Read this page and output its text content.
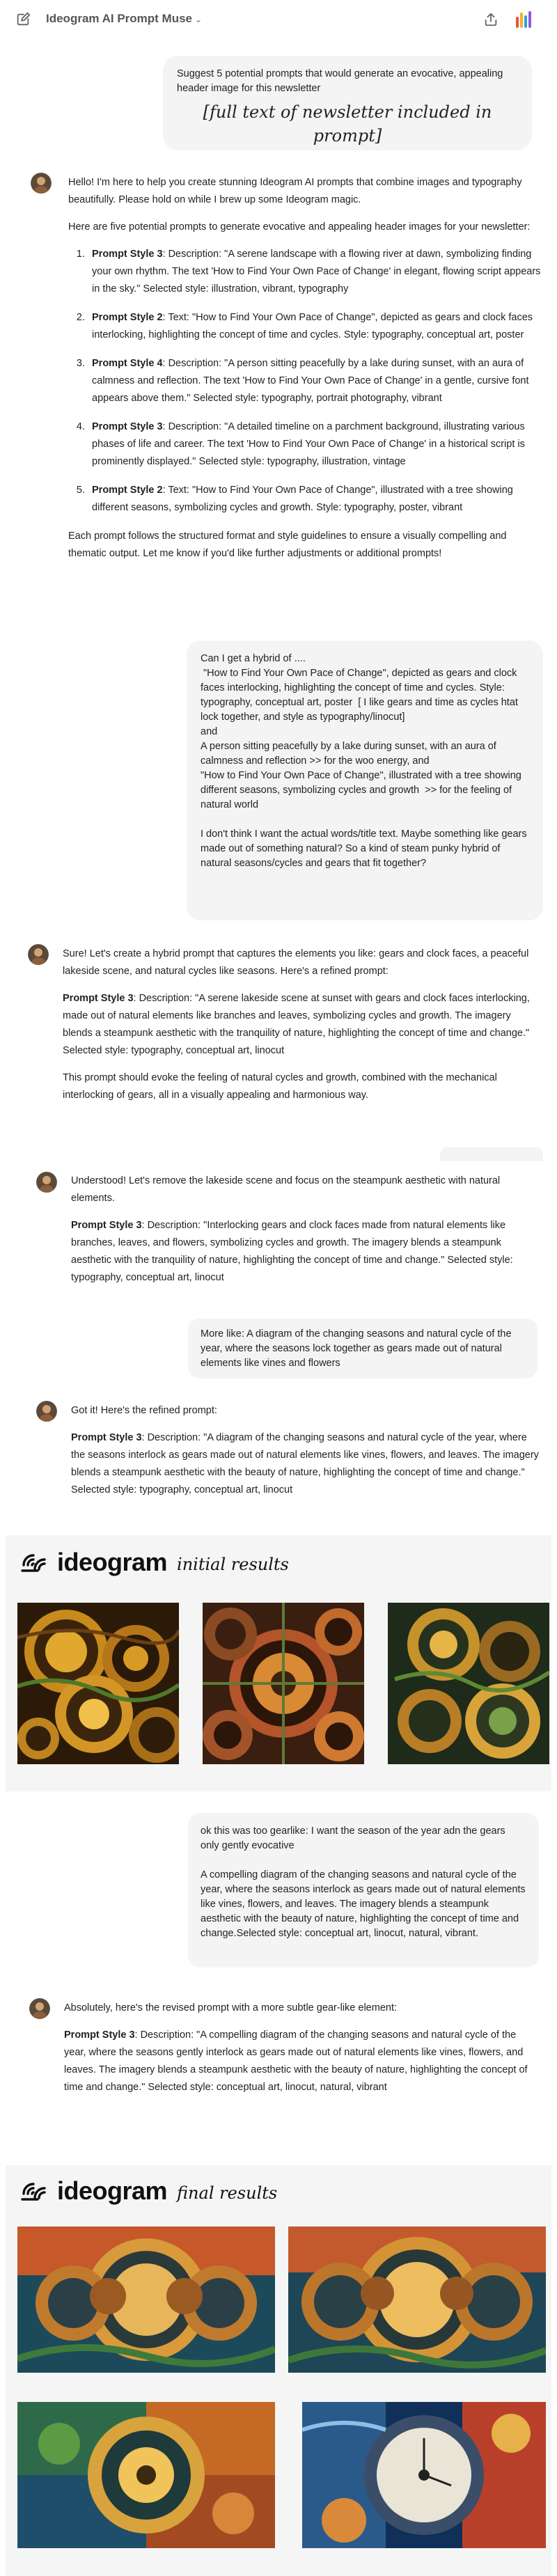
Ideogram AI Prompt Muse ⌄
Suggest 5 potential prompts that would generate an evocative, appealing header image for this newsletter
[full text of newsletter included in prompt]

Hello! I'm here to help you create stunning Ideogram AI prompts that combine images and typography beautifully. Please hold on while I brew up some Ideogram magic.

Here are five potential prompts to generate evocative and appealing header images for your newsletter:

1. Prompt Style 3: Description: "A serene landscape with a flowing river at dawn, symbolizing finding your own rhythm. The text 'How to Find Your Own Pace of Change' in elegant, flowing script appears in the sky." Selected style: illustration, vibrant, typography
2. Prompt Style 2: Text: "How to Find Your Own Pace of Change", depicted as gears and clock faces interlocking, highlighting the concept of time and cycles. Style: typography, conceptual art, poster
3. Prompt Style 4: Description: "A person sitting peacefully by a lake during sunset, with an aura of calmness and reflection. The text 'How to Find Your Own Pace of Change' in a gentle, cursive font appears above them." Selected style: typography, portrait photography, vibrant
4. Prompt Style 3: Description: "A detailed timeline on a parchment background, illustrating various phases of life and career. The text 'How to Find Your Own Pace of Change' in a historical script is prominently displayed." Selected style: typography, illustration, vintage
5. Prompt Style 2: Text: "How to Find Your Own Pace of Change", illustrated with a tree showing different seasons, symbolizing cycles and growth. Style: typography, poster, vibrant

Each prompt follows the structured format and style guidelines to ensure a visually compelling and thematic output. Let me know if you'd like further adjustments or additional prompts!

Can I get a hybrid of ....
"How to Find Your Own Pace of Change", depicted as gears and clock faces interlocking, highlighting the concept of time and cycles. Style: typography, conceptual art, poster  [ I like gears and time as cycles htat lock together, and style as typography/linocut]
and
A person sitting peacefully by a lake during sunset, with an aura of calmness and reflection >> for the woo energy, and
"How to Find Your Own Pace of Change", illustrated with a tree showing different seasons, symbolizing cycles and growth  >> for the feeling of natural world

I don't think I want the actual words/title text. Maybe something like gears made out of something natural? So a kind of steam punky hybrid of natural seasons/cycles and gears that fit together?

Sure! Let's create a hybrid prompt that captures the elements you like: gears and clock faces, a peaceful lakeside scene, and natural cycles like seasons. Here's a refined prompt:

Prompt Style 3: Description: "A serene lakeside scene at sunset with gears and clock faces interlocking, made out of natural elements like branches and leaves, symbolizing cycles and growth. The imagery blends a steampunk aesthetic with the tranquility of nature, highlighting the concept of time and change." Selected style: typography, conceptual art, linocut

This prompt should evoke the feeling of natural cycles and growth, combined with the mechanical interlocking of gears, all in a visually appealing and harmonious way.

Understood! Let's remove the lakeside scene and focus on the steampunk aesthetic with natural elements.

Prompt Style 3: Description: "Interlocking gears and clock faces made from natural elements like branches, leaves, and flowers, symbolizing cycles and growth. The imagery blends a steampunk aesthetic with the tranquility of nature, highlighting the concept of time and change." Selected style: typography, conceptual art, linocut

More like: A diagram of the changing seasons and natural cycle of the year, where the seasons lock together as gears made out of natural elements like vines and flowers

Got it! Here's the refined prompt:

Prompt Style 3: Description: "A diagram of the changing seasons and natural cycle of the year, where the seasons interlock as gears made out of natural elements like vines, flowers, and leaves. The imagery blends a steampunk aesthetic with the beauty of nature, highlighting the concept of time and change." Selected style: typography, conceptual art, linocut

ideogram initial results
ok this was too gearlike: I want the season of the year adn the gears only gently evocative
A compelling diagram of the changing seasons and natural cycle of the year, where the seasons interlock as gears made out of natural elements like vines, flowers, and leaves. The imagery blends a steampunk aesthetic with the beauty of nature, highlighting the concept of time and change.Selected style: conceptual art, linocut, natural, vibrant.

Absolutely, here's the revised prompt with a more subtle gear-like element:

Prompt Style 3: Description: "A compelling diagram of the changing seasons and natural cycle of the year, where the seasons gently interlock as gears made out of natural elements like vines, flowers, and leaves. The imagery blends a steampunk aesthetic with the beauty of nature, highlighting the concept of time and change." Selected style: conceptual art, linocut, natural, vibrant

ideogram final results
